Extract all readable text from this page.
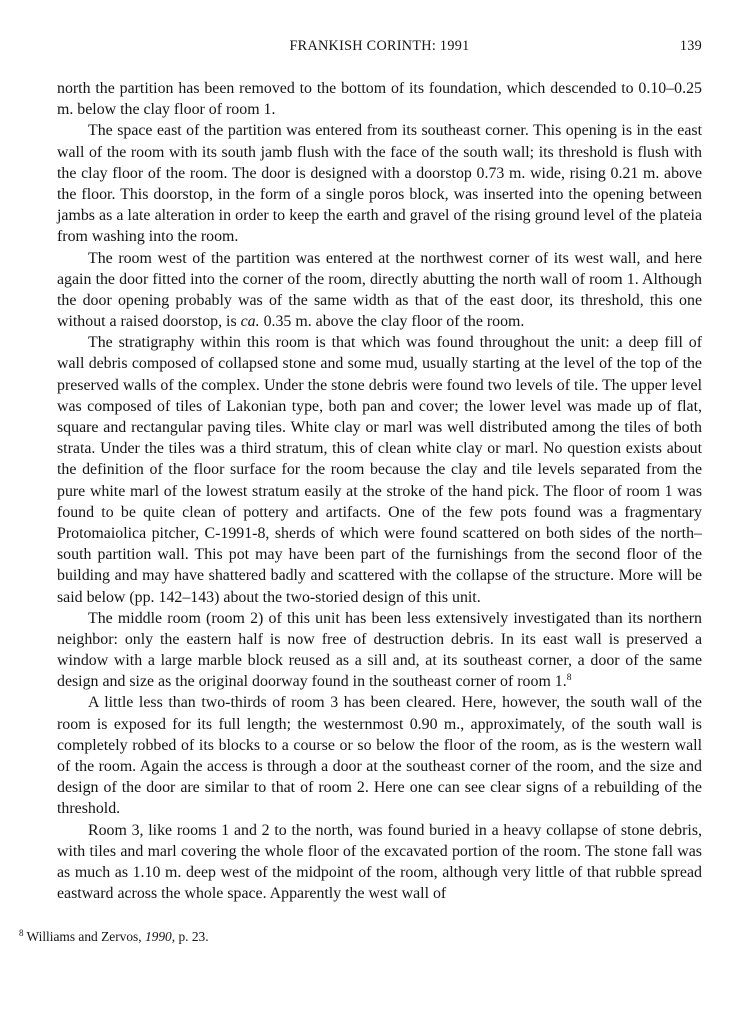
FRANKISH CORINTH: 1991	139

north the partition has been removed to the bottom of its foundation, which descended to 0.10–0.25 m. below the clay floor of room 1.

The space east of the partition was entered from its southeast corner. This opening is in the east wall of the room with its south jamb flush with the face of the south wall; its threshold is flush with the clay floor of the room. The door is designed with a doorstop 0.73 m. wide, rising 0.21 m. above the floor. This doorstop, in the form of a single poros block, was inserted into the opening between jambs as a late alteration in order to keep the earth and gravel of the rising ground level of the plateia from washing into the room.

The room west of the partition was entered at the northwest corner of its west wall, and here again the door fitted into the corner of the room, directly abutting the north wall of room 1. Although the door opening probably was of the same width as that of the east door, its threshold, this one without a raised doorstop, is ca. 0.35 m. above the clay floor of the room.

The stratigraphy within this room is that which was found throughout the unit: a deep fill of wall debris composed of collapsed stone and some mud, usually starting at the level of the top of the preserved walls of the complex. Under the stone debris were found two levels of tile. The upper level was composed of tiles of Lakonian type, both pan and cover; the lower level was made up of flat, square and rectangular paving tiles. White clay or marl was well distributed among the tiles of both strata. Under the tiles was a third stratum, this of clean white clay or marl. No question exists about the definition of the floor surface for the room because the clay and tile levels separated from the pure white marl of the lowest stratum easily at the stroke of the hand pick. The floor of room 1 was found to be quite clean of pottery and artifacts. One of the few pots found was a fragmentary Protomaiolica pitcher, C-1991-8, sherds of which were found scattered on both sides of the north–south partition wall. This pot may have been part of the furnishings from the second floor of the building and may have shattered badly and scattered with the collapse of the structure. More will be said below (pp. 142–143) about the two-storied design of this unit.

The middle room (room 2) of this unit has been less extensively investigated than its northern neighbor: only the eastern half is now free of destruction debris. In its east wall is preserved a window with a large marble block reused as a sill and, at its southeast corner, a door of the same design and size as the original doorway found in the southeast corner of room 1.$^8$

A little less than two-thirds of room 3 has been cleared. Here, however, the south wall of the room is exposed for its full length; the westernmost 0.90 m., approximately, of the south wall is completely robbed of its blocks to a course or so below the floor of the room, as is the western wall of the room. Again the access is through a door at the southeast corner of the room, and the size and design of the door are similar to that of room 2. Here one can see clear signs of a rebuilding of the threshold.

Room 3, like rooms 1 and 2 to the north, was found buried in a heavy collapse of stone debris, with tiles and marl covering the whole floor of the excavated portion of the room. The stone fall was as much as 1.10 m. deep west of the midpoint of the room, although very little of that rubble spread eastward across the whole space. Apparently the west wall of

$^8$ Williams and Zervos, 1990, p. 23.
